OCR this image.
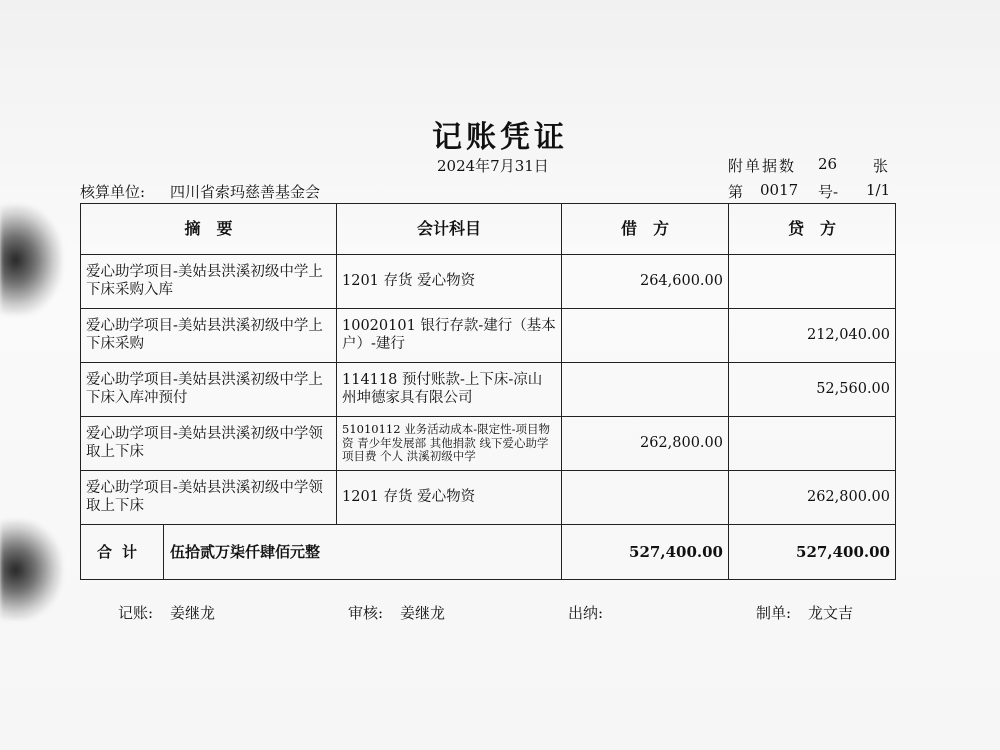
记账凭证
2024年7月31日	附单据数 26 张
核算单位: 四川省索玛慈善基金会	第 0017 号- 1/1
摘　要	会计科目	借　方	贷　方
爱心助学项目-美姑县洪溪初级中学上下床采购入库	1201 存货 爱心物资	264,600.00	
爱心助学项目-美姑县洪溪初级中学上下床采购	10020101 银行存款-建行（基本户）-建行		212,040.00
爱心助学项目-美姑县洪溪初级中学上下床入库冲预付	114118 预付账款-上下床-凉山州坤德家具有限公司		52,560.00
爱心助学项目-美姑县洪溪初级中学领取上下床	51010112 业务活动成本-限定性-项目物资 青少年发展部 其他捐款 线下爱心助学 项目费 个人 洪溪初级中学	262,800.00	
爱心助学项目-美姑县洪溪初级中学领取上下床	1201 存货 爱心物资		262,800.00

合计 伍拾贰万柒仟肆佰元整		527,400.00	527,400.00
记账: 姜继龙	审核: 姜继龙	出纳:	制单: 龙文吉
